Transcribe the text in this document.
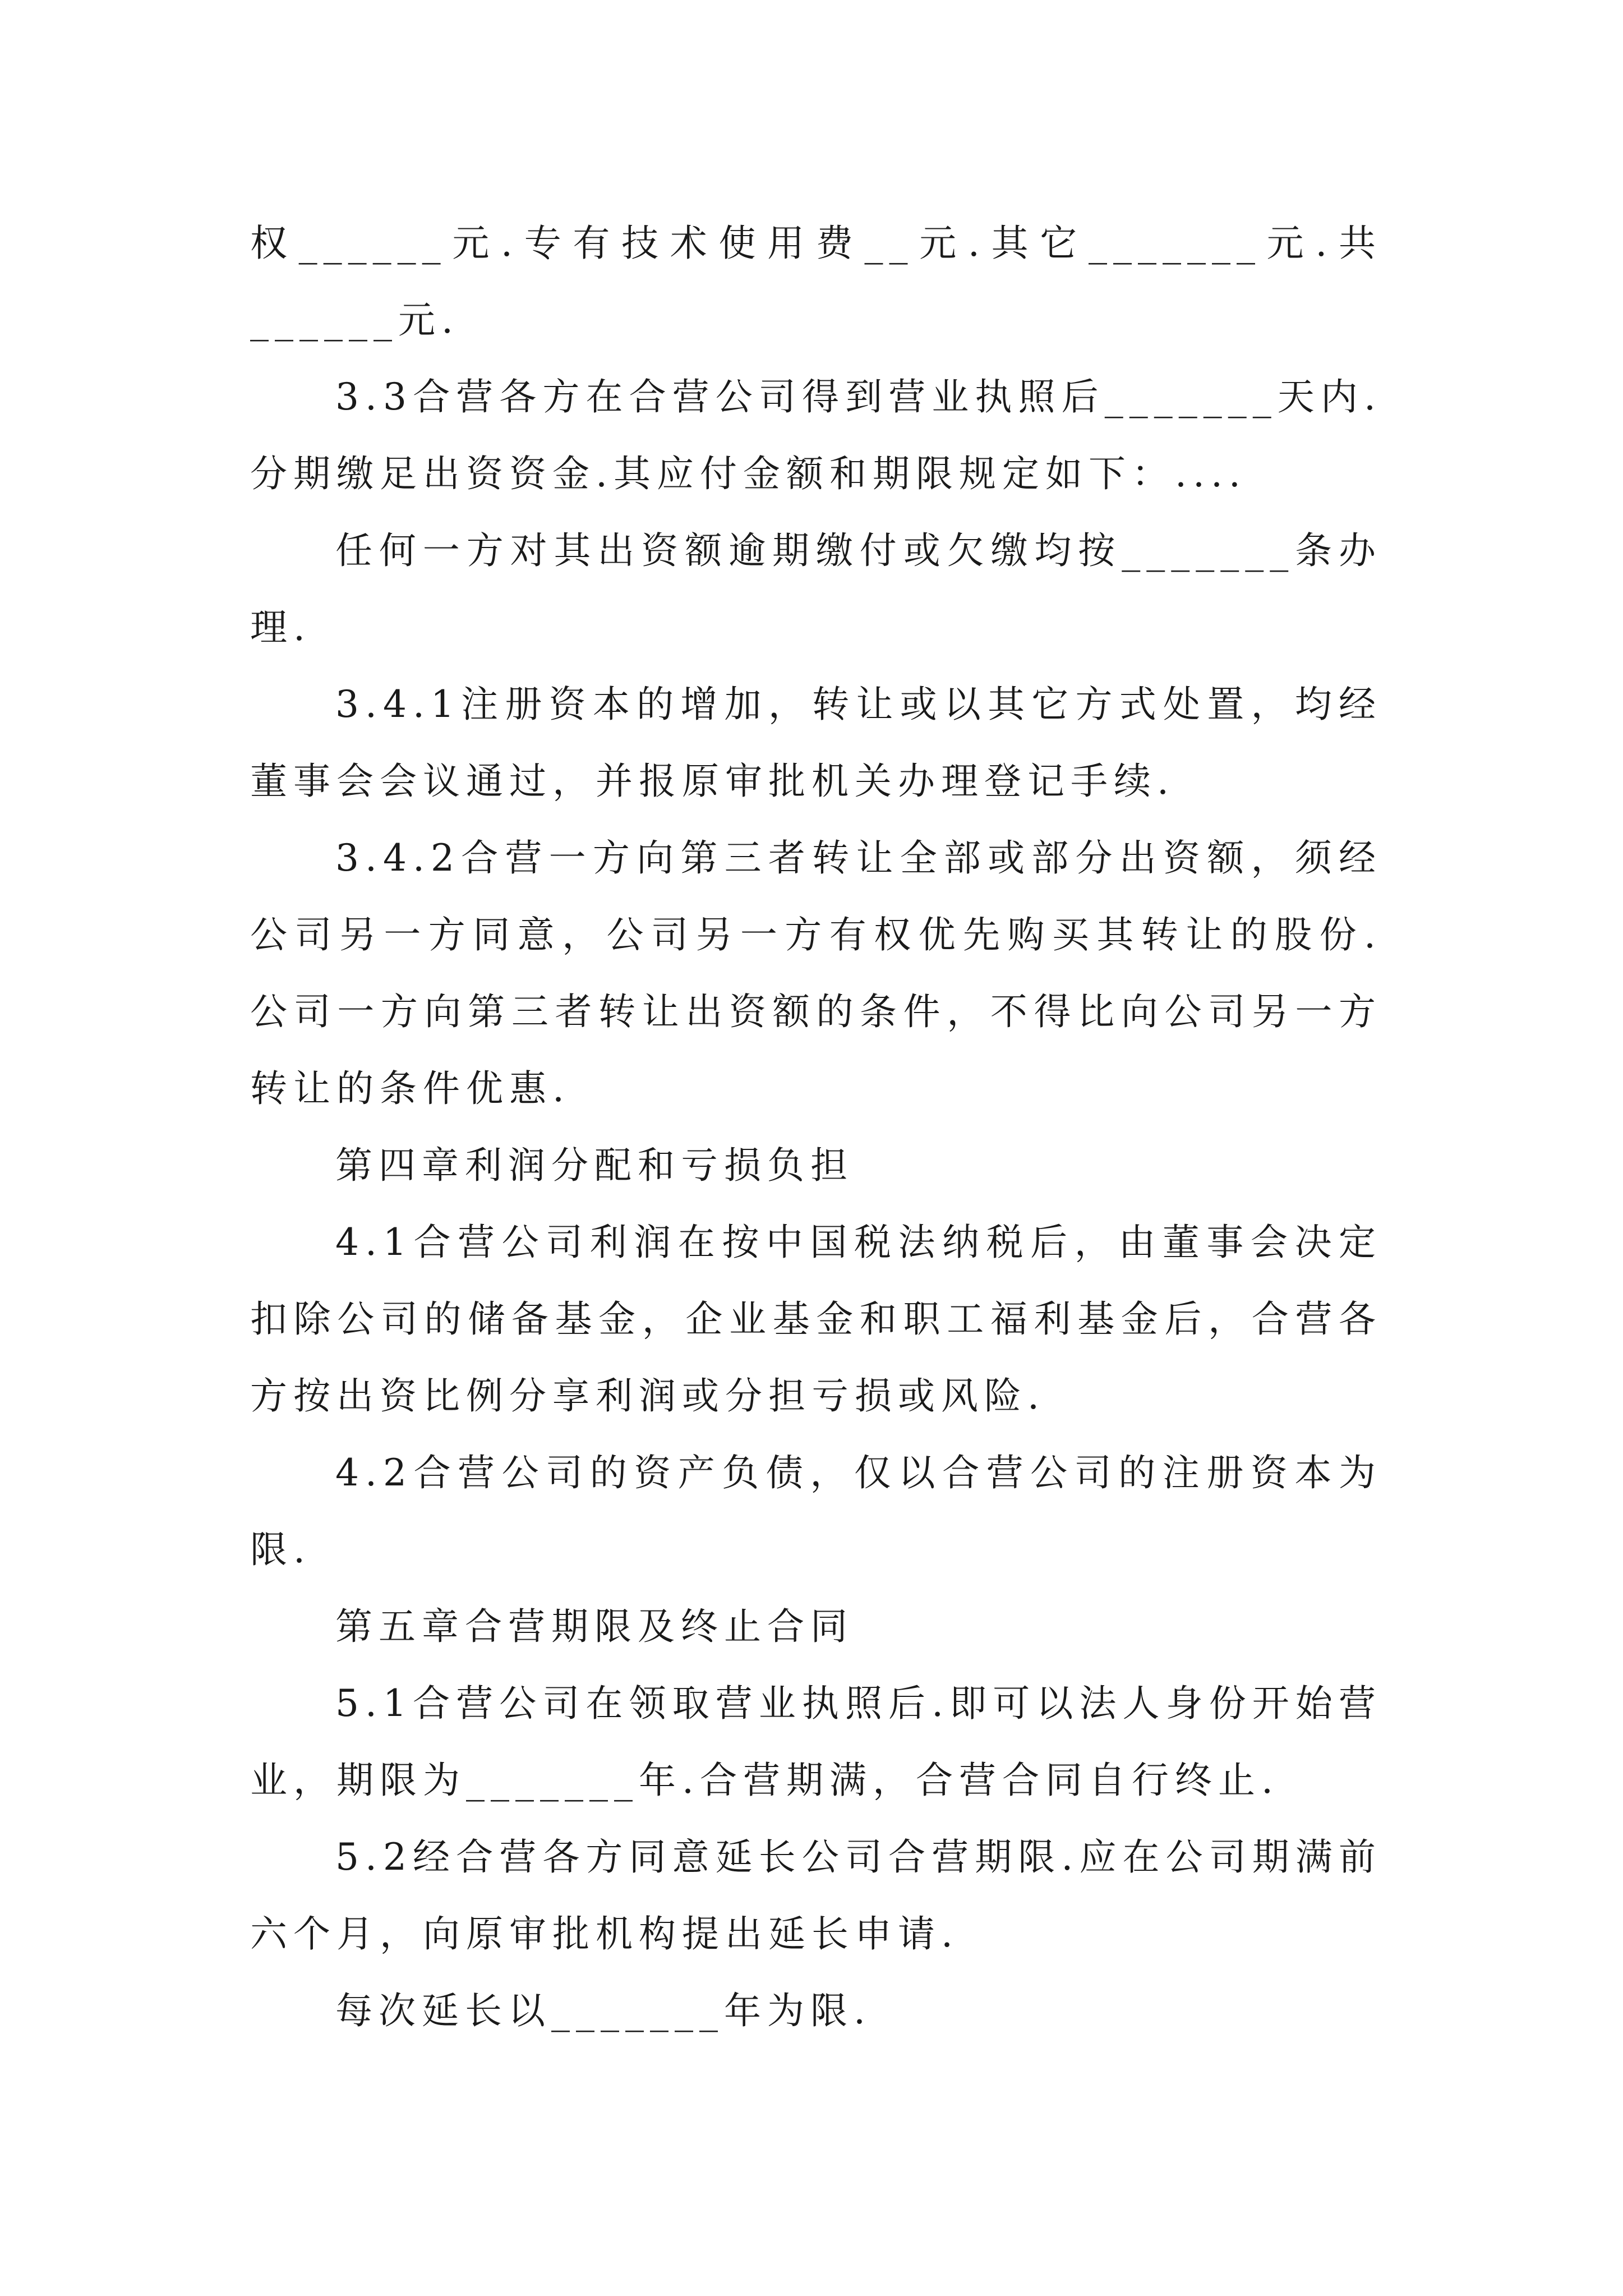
权______元.专有技术使用费__元.其它_______元.共______元.

3.3合营各方在合营公司得到营业执照后_______天内.分期缴足出资资金.其应付金额和期限规定如下：....

任何一方对其出资额逾期缴付或欠缴均按_______条办理.

3.4.1注册资本的增加，转让或以其它方式处置，均经董事会会议通过，并报原审批机关办理登记手续.

3.4.2合营一方向第三者转让全部或部分出资额，须经公司另一方同意，公司另一方有权优先购买其转让的股份.公司一方向第三者转让出资额的条件，不得比向公司另一方转让的条件优惠.

第四章利润分配和亏损负担

4.1合营公司利润在按中国税法纳税后，由董事会决定扣除公司的储备基金，企业基金和职工福利基金后，合营各方按出资比例分享利润或分担亏损或风险.

4.2合营公司的资产负债，仅以合营公司的注册资本为限.

第五章合营期限及终止合同

5.1合营公司在领取营业执照后.即可以法人身份开始营业，期限为_______年.合营期满，合营合同自行终止.

5.2经合营各方同意延长公司合营期限.应在公司期满前六个月，向原审批机构提出延长申请.

每次延长以_______年为限.
